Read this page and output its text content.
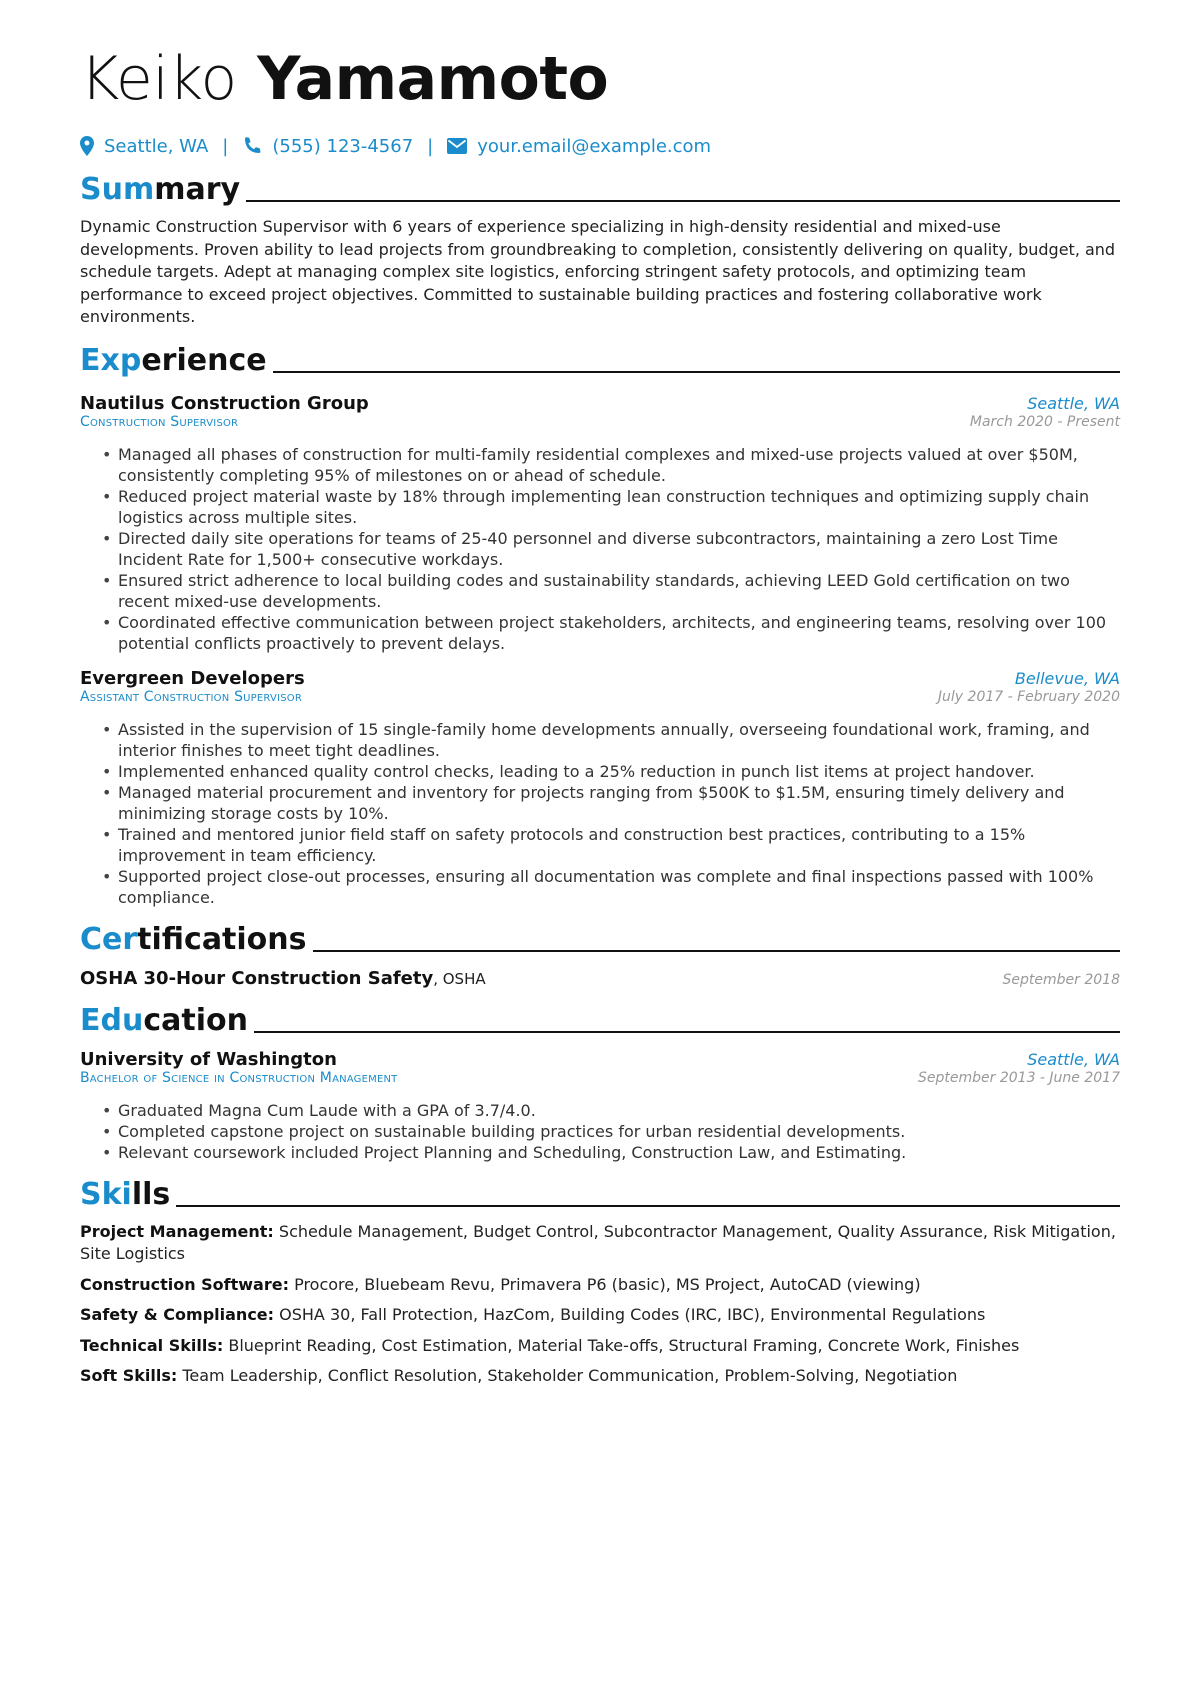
Keiko Yamamoto
Seattle, WA | (555) 123-4567 | your.email@example.com
Summary
Dynamic Construction Supervisor with 6 years of experience specializing in high-density residential and mixed-use developments. Proven ability to lead projects from groundbreaking to completion, consistently delivering on quality, budget, and schedule targets. Adept at managing complex site logistics, enforcing stringent safety protocols, and optimizing team performance to exceed project objectives. Committed to sustainable building practices and fostering collaborative work environments.
Experience
Nautilus Construction Group	Seattle, WA
Construction Supervisor	March 2020 - Present
• Managed all phases of construction for multi-family residential complexes and mixed-use projects valued at over $50M, consistently completing 95% of milestones on or ahead of schedule.
• Reduced project material waste by 18% through implementing lean construction techniques and optimizing supply chain logistics across multiple sites.
• Directed daily site operations for teams of 25-40 personnel and diverse subcontractors, maintaining a zero Lost Time Incident Rate for 1,500+ consecutive workdays.
• Ensured strict adherence to local building codes and sustainability standards, achieving LEED Gold certification on two recent mixed-use developments.
• Coordinated effective communication between project stakeholders, architects, and engineering teams, resolving over 100 potential conflicts proactively to prevent delays.
Evergreen Developers	Bellevue, WA
Assistant Construction Supervisor	July 2017 - February 2020
• Assisted in the supervision of 15 single-family home developments annually, overseeing foundational work, framing, and interior finishes to meet tight deadlines.
• Implemented enhanced quality control checks, leading to a 25% reduction in punch list items at project handover.
• Managed material procurement and inventory for projects ranging from $500K to $1.5M, ensuring timely delivery and minimizing storage costs by 10%.
• Trained and mentored junior field staff on safety protocols and construction best practices, contributing to a 15% improvement in team efficiency.
• Supported project close-out processes, ensuring all documentation was complete and final inspections passed with 100% compliance.
Certifications
OSHA 30-Hour Construction Safety, OSHA	September 2018
Education
University of Washington	Seattle, WA
Bachelor of Science in Construction Management	September 2013 - June 2017
• Graduated Magna Cum Laude with a GPA of 3.7/4.0.
• Completed capstone project on sustainable building practices for urban residential developments.
• Relevant coursework included Project Planning and Scheduling, Construction Law, and Estimating.
Skills
Project Management: Schedule Management, Budget Control, Subcontractor Management, Quality Assurance, Risk Mitigation, Site Logistics
Construction Software: Procore, Bluebeam Revu, Primavera P6 (basic), MS Project, AutoCAD (viewing)
Safety & Compliance: OSHA 30, Fall Protection, HazCom, Building Codes (IRC, IBC), Environmental Regulations
Technical Skills: Blueprint Reading, Cost Estimation, Material Take-offs, Structural Framing, Concrete Work, Finishes
Soft Skills: Team Leadership, Conflict Resolution, Stakeholder Communication, Problem-Solving, Negotiation
